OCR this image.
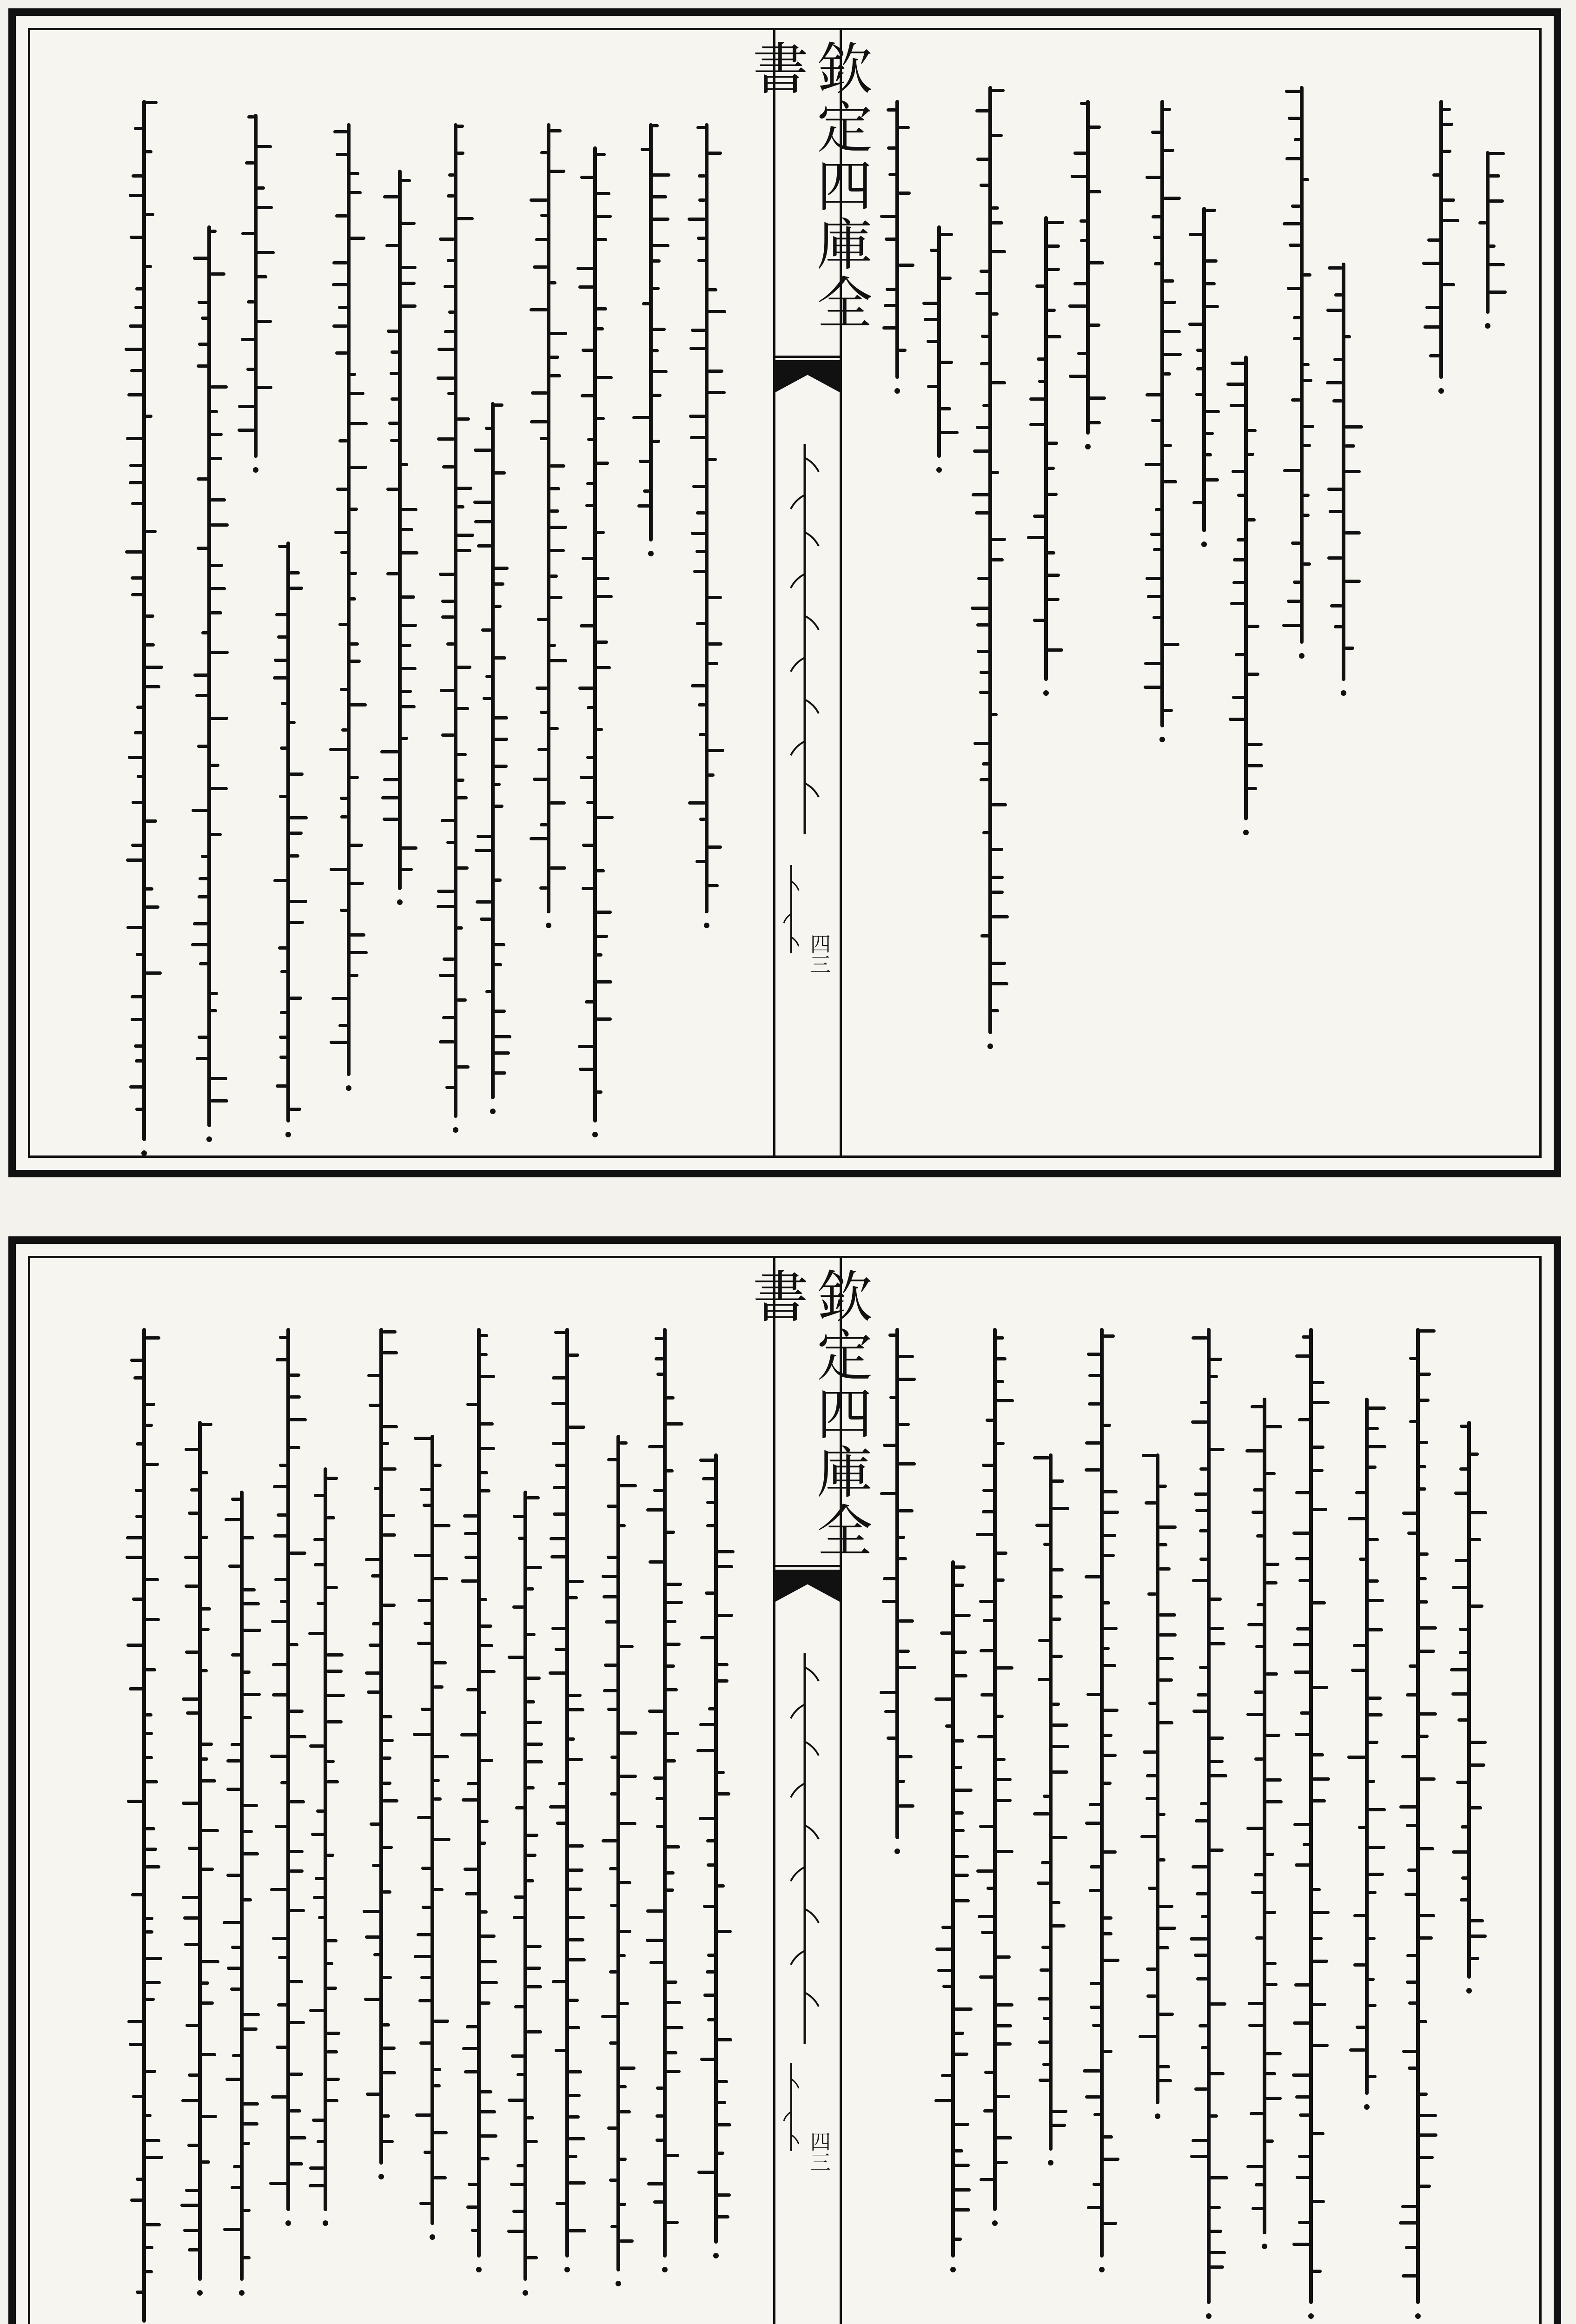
欽定四庫全書
四三
欽定四庫全書
四三
